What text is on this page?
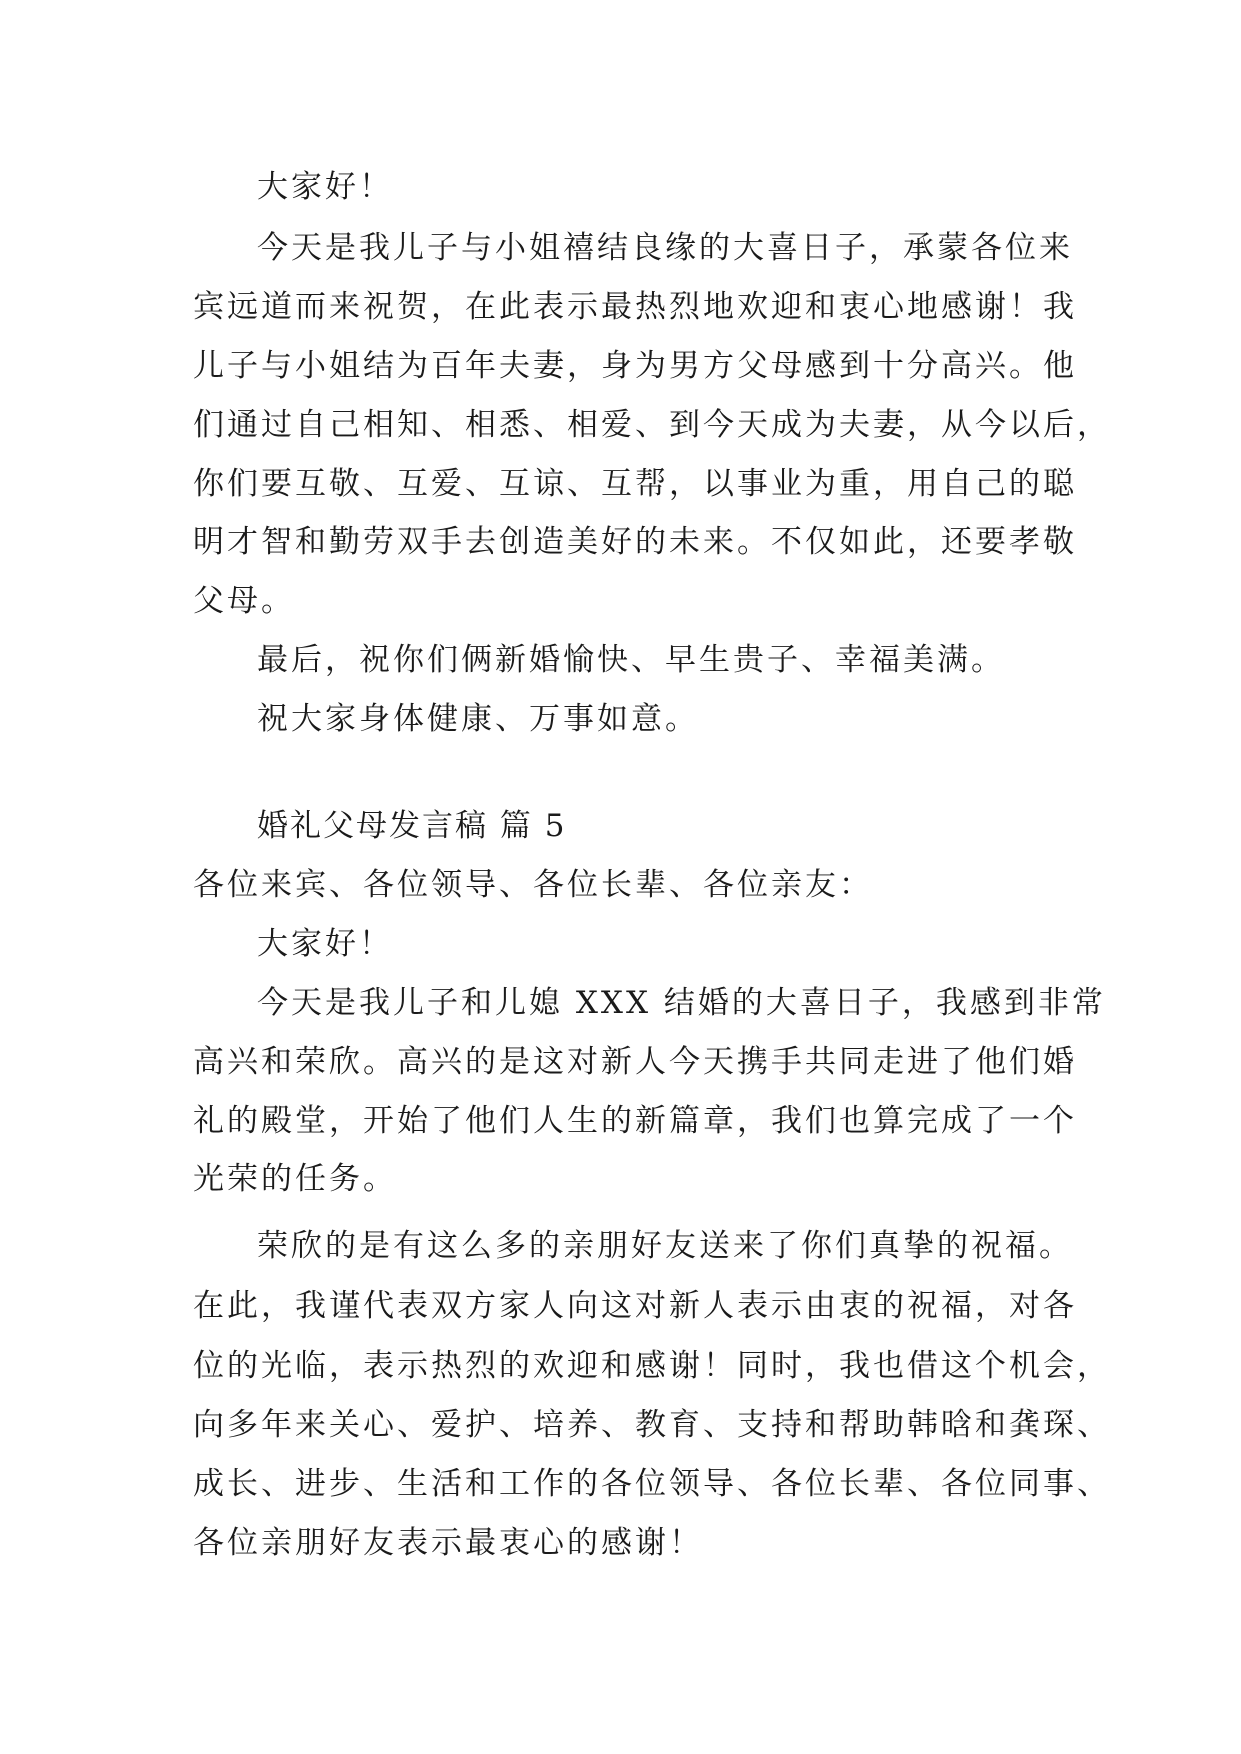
大家好！
今天是我儿子与小姐禧结良缘的大喜日子，承蒙各位来
宾远道而来祝贺，在此表示最热烈地欢迎和衷心地感谢！我
儿子与小姐结为百年夫妻，身为男方父母感到十分高兴。他
们通过自己相知、相悉、相爱、到今天成为夫妻，从今以后，
你们要互敬、互爱、互谅、互帮，以事业为重，用自己的聪
明才智和勤劳双手去创造美好的未来。不仅如此，还要孝敬
父母。
最后，祝你们俩新婚愉快、早生贵子、幸福美满。
祝大家身体健康、万事如意。
婚礼父母发言稿 篇 5
各位来宾、各位领导、各位长辈、各位亲友：
大家好！
今天是我儿子和儿媳 XXX 结婚的大喜日子，我感到非常
高兴和荣欣。高兴的是这对新人今天携手共同走进了他们婚
礼的殿堂，开始了他们人生的新篇章，我们也算完成了一个
光荣的任务。
荣欣的是有这么多的亲朋好友送来了你们真挚的祝福。
在此，我谨代表双方家人向这对新人表示由衷的祝福，对各
位的光临，表示热烈的欢迎和感谢！同时，我也借这个机会，
向多年来关心、爱护、培养、教育、支持和帮助韩晗和龚琛、
成长、进步、生活和工作的各位领导、各位长辈、各位同事、
各位亲朋好友表示最衷心的感谢！
